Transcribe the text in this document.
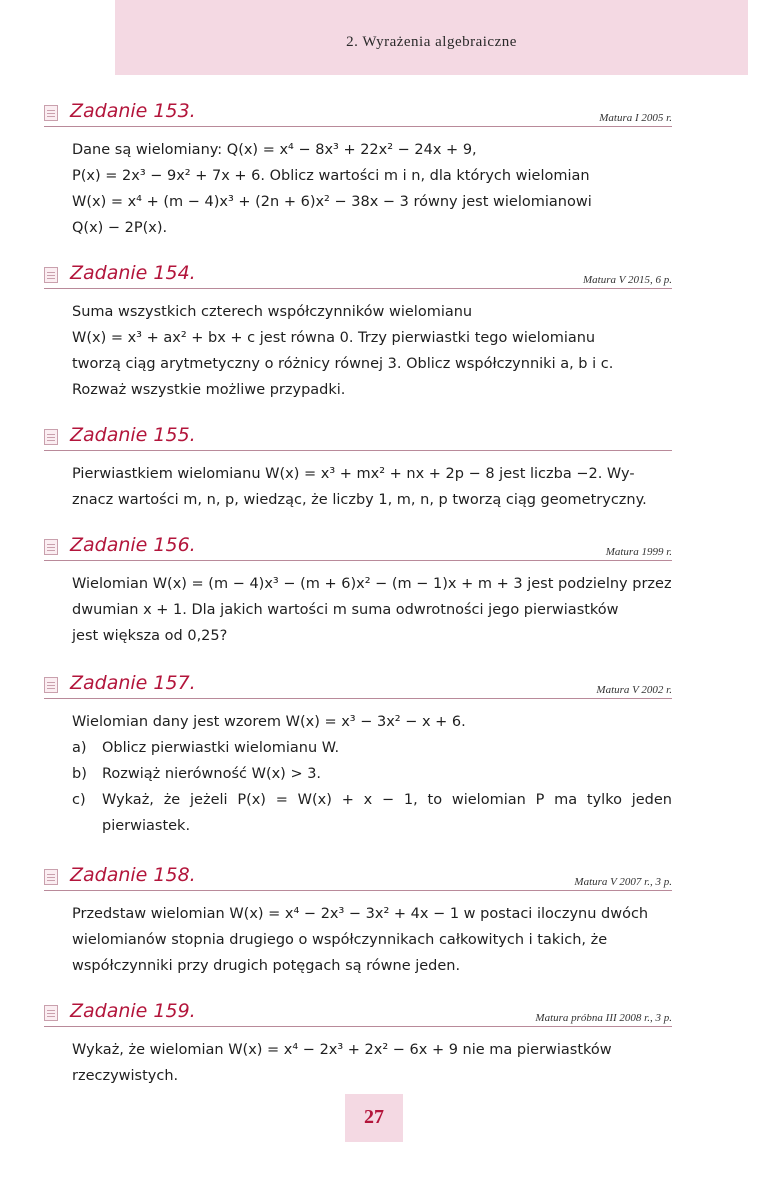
2. Wyrażenia algebraiczne
Zadanie 153.	Matura I 2005 r.

Dane są wielomiany: Q(x) = x⁴ − 8x³ + 22x² − 24x + 9,

P(x) = 2x³ − 9x² + 7x + 6. Oblicz wartości m i n, dla których wielomian

W(x) = x⁴ + (m − 4)x³ + (2n + 6)x² − 38x − 3 równy jest wielomianowi

Q(x) − 2P(x).

Zadanie 154.	Matura V 2015, 6 p.

Suma wszystkich czterech współczynników wielomianu

W(x) = x³ + ax² + bx + c jest równa 0. Trzy pierwiastki tego wielomianu

tworzą ciąg arytmetyczny o różnicy równej 3. Oblicz współczynniki a, b i c.

Rozważ wszystkie możliwe przypadki.

Zadanie 155.

Pierwiastkiem wielomianu W(x) = x³ + mx² + nx + 2p − 8 jest liczba −2. Wy-

znacz wartości m, n, p, wiedząc, że liczby 1, m, n, p tworzą ciąg geometryczny.

Zadanie 156.	Matura 1999 r.

Wielomian W(x) = (m − 4)x³ − (m + 6)x² − (m − 1)x + m + 3 jest podzielny przez

dwumian x + 1. Dla jakich wartości m suma odwrotności jego pierwiastków

jest większa od 0,25?

Zadanie 157.	Matura V 2002 r.

Wielomian dany jest wzorem W(x) = x³ − 3x² − x + 6.

a)	Oblicz pierwiastki wielomianu W.
b)	Rozwiąż nierówność W(x) > 3.
c)	Wykaż, że jeżeli P(x) = W(x) + x − 1, to wielomian P ma tylko jeden pierwiastek.
Zadanie 158.	Matura V 2007 r., 3 p.

Przedstaw wielomian W(x) = x⁴ − 2x³ − 3x² + 4x − 1 w postaci iloczynu dwóch

wielomianów stopnia drugiego o współczynnikach całkowitych i takich, że

współczynniki przy drugich potęgach są równe jeden.

Zadanie 159.	Matura próbna III 2008 r., 3 p.

Wykaż, że wielomian W(x) = x⁴ − 2x³ + 2x² − 6x + 9 nie ma pierwiastków

rzeczywistych.

27
